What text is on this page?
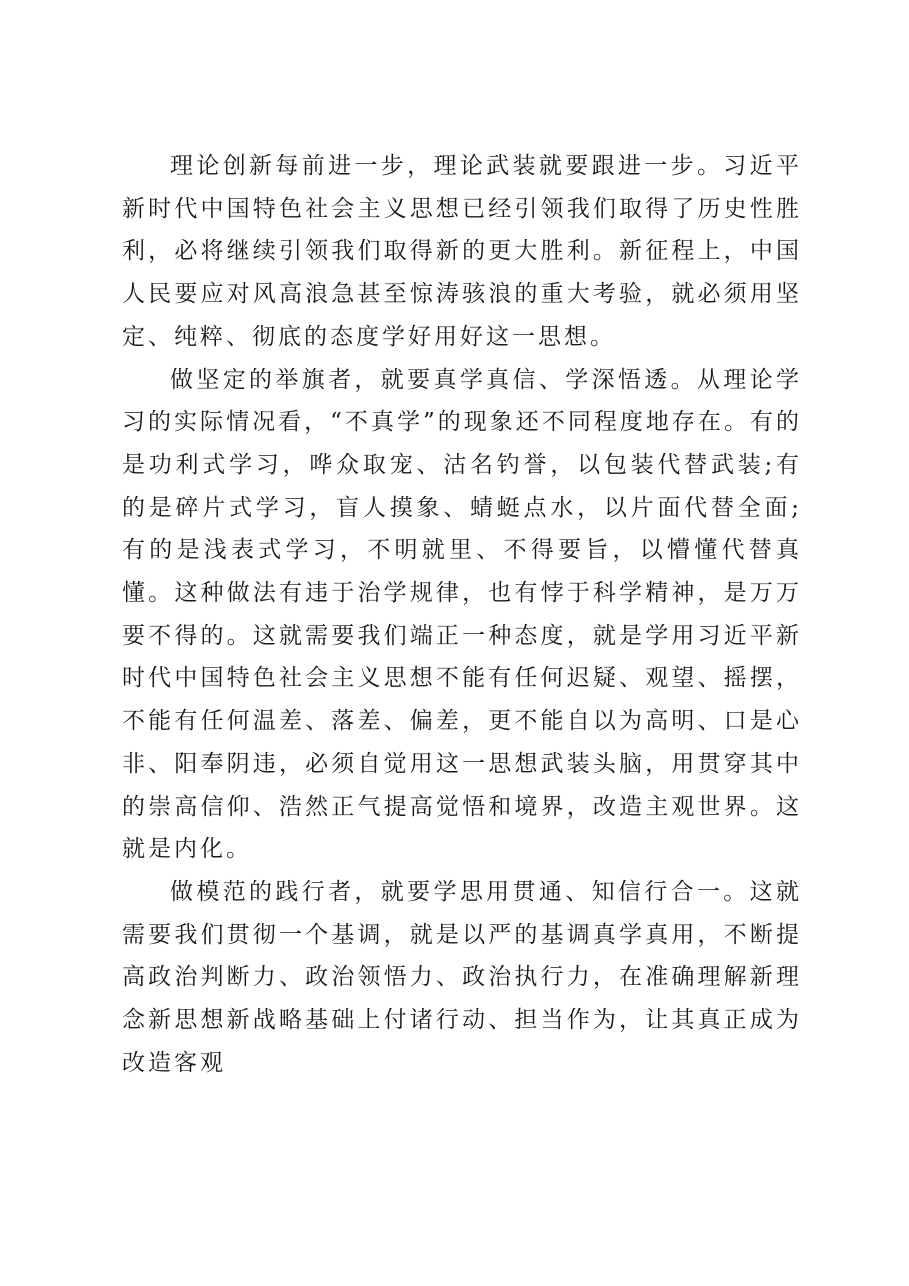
理论创新每前进一步，理论武装就要跟进一步。习近平新时代中国特色社会主义思想已经引领我们取得了历史性胜利，必将继续引领我们取得新的更大胜利。新征程上，中国人民要应对风高浪急甚至惊涛骇浪的重大考验，就必须用坚定、纯粹、彻底的态度学好用好这一思想。

做坚定的举旗者，就要真学真信、学深悟透。从理论学习的实际情况看，“不真学”的现象还不同程度地存在。有的是功利式学习，哗众取宠、沽名钓誉，以包装代替武装;有的是碎片式学习，盲人摸象、蜻蜓点水，以片面代替全面;有的是浅表式学习，不明就里、不得要旨，以懵懂代替真懂。这种做法有违于治学规律，也有悖于科学精神，是万万要不得的。这就需要我们端正一种态度，就是学用习近平新时代中国特色社会主义思想不能有任何迟疑、观望、摇摆，不能有任何温差、落差、偏差，更不能自以为高明、口是心非、阳奉阴违，必须自觉用这一思想武装头脑，用贯穿其中的崇高信仰、浩然正气提高觉悟和境界，改造主观世界。这就是内化。

做模范的践行者，就要学思用贯通、知信行合一。这就需要我们贯彻一个基调，就是以严的基调真学真用，不断提高政治判断力、政治领悟力、政治执行力，在准确理解新理念新思想新战略基础上付诸行动、担当作为，让其真正成为改造客观
